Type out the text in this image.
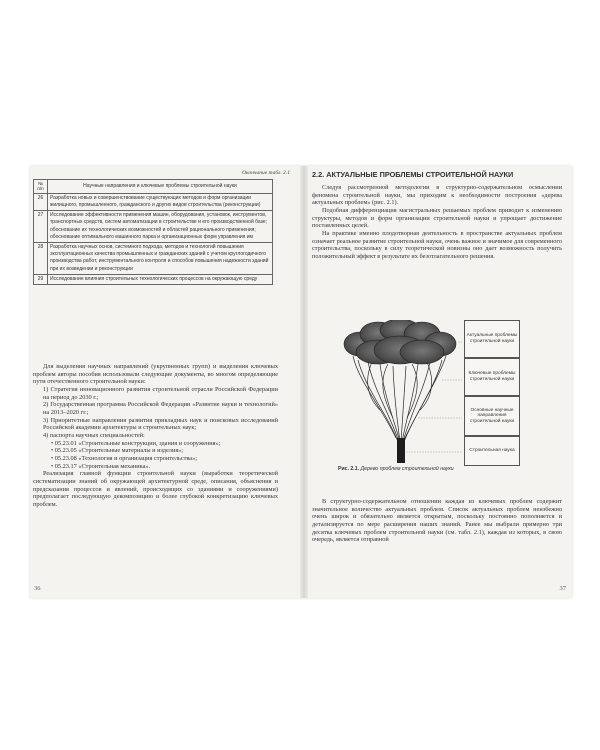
Окончание табл. 2.1
№ п/п	Научные направления и ключевые проблемы строительной науки
26	Разработка новых и совершенствование существующих методов и форм организации жилищного, промышленного, гражданского и других видов строительства (реконструкции)
27	Исследование эффективности применения машин, оборудования, установок, инструментов, транспортных средств, систем автоматизации в строительстве и его производственной базе; обоснование их технологических возможностей и областей рационального применения; обоснование оптимального машинного парка и организационных форм управления им
28	Разработка научных основ, системного подхода, методов и технологий повышения эксплуатационных качества промышленных и гражданских зданий с учетом круглогодичного производства работ, инструментального контроля и способов повышения надежности зданий при их возведении и реконструкции
29	Исследование влияния строительных технологических процессов на окружающую среду

Для выделения научных направлений (укрупненных групп) и выделения ключевых проблем авторы пособия использовали следующие документы, во многом определяющие пути отечественного строительной науки:

1) Стратегия инновационного развития строительной отрасли Российской Федерации на период до 2030 г.;

2) Государственная программа Российской Федерации «Развитие науки и технологий» на 2013–2020 гг.;

3) Приоритетные направления развития прикладных наук и поисковых исследований Российской академии архитектуры и строительных наук;

4) паспорта научных специальностей:

• 05.23.01 «Строительные конструкции, здания и сооружения»;

• 05.23.05 «Строительные материалы и изделия»;

• 05.23.08 «Технология и организация строительства»;

• 05.23.17 «Строительная механика».

Реализация главной функции строительной науки (выработки теоретической систематизации знаний об окружающей архитектурной среде, описания, объяснения и предсказания процессов и явлений, происходящих со зданиями и сооружениями) предполагает последующую декомпозицию и более глубокой конкретизацию ключевых проблем.

36
2.2. АКТУАЛЬНЫЕ ПРОБЛЕМЫ СТРОИТЕЛЬНОЙ НАУКИ

Следуя рассмотренной методологии в структурно-содержательном осмыслении феномена строительной науки, мы приходим к необходимости построения «дерева актуальных проблем» (рис. 2.1).

Подобная дифференциация магистральных решаемых проблем приводит к изменению структуры, методов и форм организации строительной науки и упрощает достижение поставленных целей.

На практике именно плодотворная деятельность в пространстве актуальных проблем означает реальное развитие строительной науки, очень важное и значимое для современного строительства, поскольку в силу теоретической новизны оно дает возможность получить положительный эффект в результате их безотлагательного решения.

Актуальные проблемы строительной науки
Ключевые проблемы строительной науки
Основные научные направления строительной науки
Строительная наука

Рис. 2.1. Дерево проблем строительной науки

В структурно-содержательном отношении каждая из ключевых проблем содержит значительное количество актуальных проблем. Список актуальных проблем неизбежно очень широк и обязательно является открытым, поскольку постоянно пополняется и детализируется по мере расширения наших знаний. Ранее мы выбрали примерно три десятка ключевых проблем строительной науки (см. табл. 2.1), каждая из которых, в свою очередь, является отправной

37
